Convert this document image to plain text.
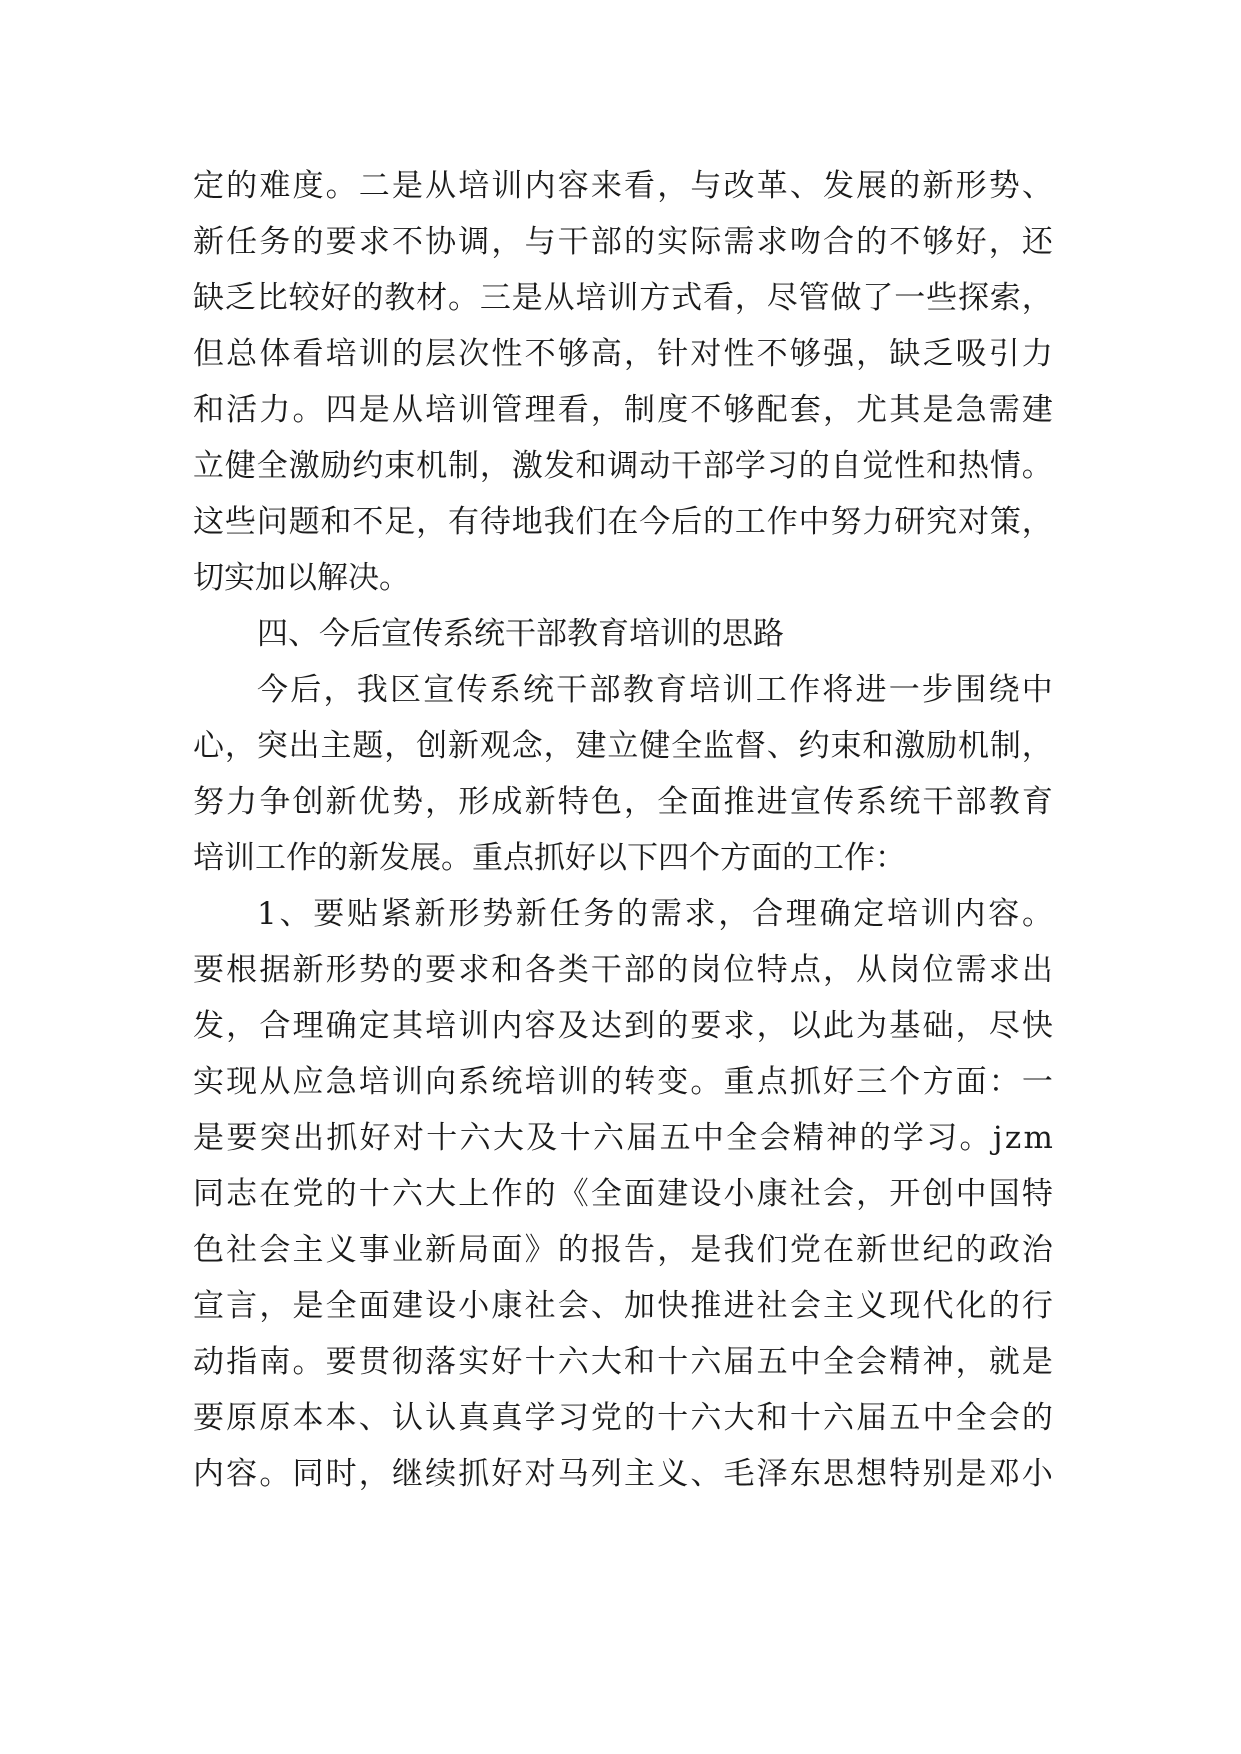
定 的 难 度 。 二 是 从 培 训 内 容 来 看 ， 与 改 革 、 发 展 的 新 形 势 、
新 任 务 的 要 求 不 协 调 ， 与 干 部 的 实 际 需 求 吻 合 的 不 够 好 ， 还
缺 乏 比 较 好 的 教 材 。 三 是 从 培 训 方 式 看 ， 尽 管 做 了 一 些 探 索 ，
但 总 体 看 培 训 的 层 次 性 不 够 高 ， 针 对 性 不 够 强 ， 缺 乏 吸 引 力
和 活 力 。 四 是 从 培 训 管 理 看 ， 制 度 不 够 配 套 ， 尤 其 是 急 需 建
立 健 全 激 励 约 束 机 制 ， 激 发 和 调 动 干 部 学 习 的 自 觉 性 和 热 情 。
这 些 问 题 和 不 足 ， 有 待 地 我 们 在 今 后 的 工 作 中 努 力 研 究 对 策 ，
切实加以解决。
四、今后宣传系统干部教育培训的思路
今 后 ， 我 区 宣 传 系 统 干 部 教 育 培 训 工 作 将 进 一 步 围 绕 中
心 ， 突 出 主 题 ， 创 新 观 念 ， 建 立 健 全 监 督 、 约 束 和 激 励 机 制 ，
努 力 争 创 新 优 势 ， 形 成 新 特 色 ， 全 面 推 进 宣 传 系 统 干 部 教 育
培训工作的新发展。重点抓好以下四个方面的工作：
1 、 要 贴 紧 新 形 势 新 任 务 的 需 求 ， 合 理 确 定 培 训 内 容 。
要 根 据 新 形 势 的 要 求 和 各 类 干 部 的 岗 位 特 点 ， 从 岗 位 需 求 出
发 ， 合 理 确 定 其 培 训 内 容 及 达 到 的 要 求 ， 以 此 为 基 础 ， 尽 快
实 现 从 应 急 培 训 向 系 统 培 训 的 转 变 。 重 点 抓 好 三 个 方 面 ： 一
是 要 突 出 抓 好 对 十 六 大 及 十 六 届 五 中 全 会 精 神 的 学 习 。 j z m
同 志 在 党 的 十 六 大 上 作 的 《 全 面 建 设 小 康 社 会 ， 开 创 中 国 特
色 社 会 主 义 事 业 新 局 面 》 的 报 告 ， 是 我 们 党 在 新 世 纪 的 政 治
宣 言 ， 是 全 面 建 设 小 康 社 会 、 加 快 推 进 社 会 主 义 现 代 化 的 行
动 指 南 。 要 贯 彻 落 实 好 十 六 大 和 十 六 届 五 中 全 会 精 神 ， 就 是
要 原 原 本 本 、 认 认 真 真 学 习 党 的 十 六 大 和 十 六 届 五 中 全 会 的
内 容 。 同 时 ， 继 续 抓 好 对 马 列 主 义 、 毛 泽 东 思 想 特 别 是 邓 小
